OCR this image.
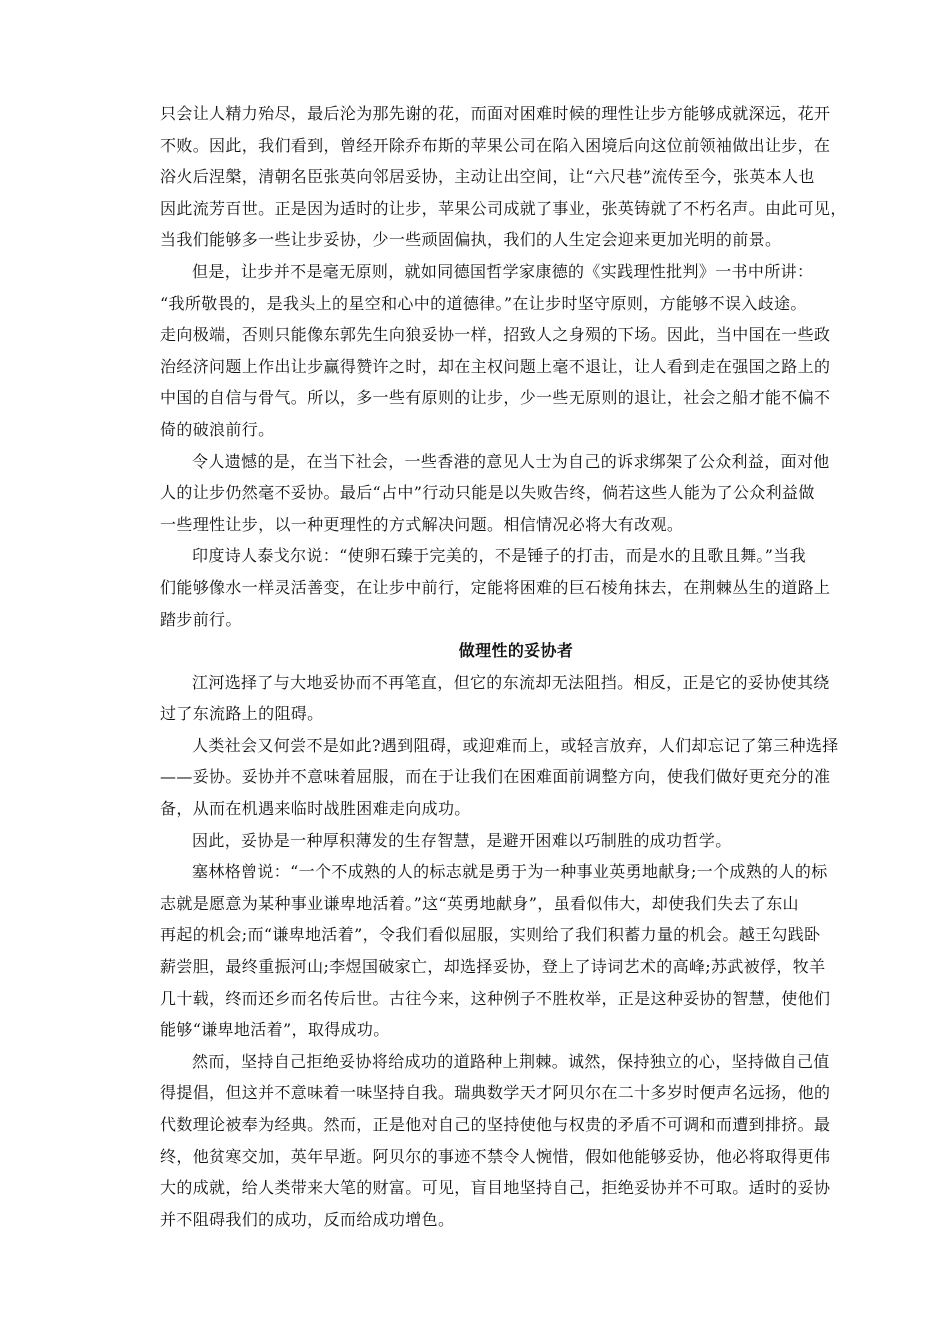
只会让人精力殆尽，最后沦为那先谢的花，而面对困难时候的理性让步方能够成就深远，花开
不败。因此，我们看到，曾经开除乔布斯的苹果公司在陷入困境后向这位前领袖做出让步，在
浴火后涅槃，清朝名臣张英向邻居妥协，主动让出空间，让“六尺巷”流传至今，张英本人也
因此流芳百世。正是因为适时的让步，苹果公司成就了事业，张英铸就了不朽名声。由此可见，
当我们能够多一些让步妥协，少一些顽固偏执，我们的人生定会迎来更加光明的前景。
但是，让步并不是毫无原则，就如同德国哲学家康德的《实践理性批判》一书中所讲：
“我所敬畏的，是我头上的星空和心中的道德律。”在让步时坚守原则，方能够不误入歧途。
走向极端，否则只能像东郭先生向狼妥协一样，招致人之身殒的下场。因此，当中国在一些政
治经济问题上作出让步赢得赞许之时，却在主权问题上毫不退让，让人看到走在强国之路上的
中国的自信与骨气。所以，多一些有原则的让步，少一些无原则的退让，社会之船才能不偏不
倚的破浪前行。
令人遗憾的是，在当下社会，一些香港的意见人士为自己的诉求绑架了公众利益，面对他
人的让步仍然毫不妥协。最后“占中”行动只能是以失败告终，倘若这些人能为了公众利益做
一些理性让步，以一种更理性的方式解决问题。相信情况必将大有改观。
印度诗人泰戈尔说：“使卵石臻于完美的，不是锤子的打击，而是水的且歌且舞。”当我
们能够像水一样灵活善变，在让步中前行，定能将困难的巨石棱角抹去，在荆棘丛生的道路上
踏步前行。
做理性的妥协者
江河选择了与大地妥协而不再笔直，但它的东流却无法阻挡。相反，正是它的妥协使其绕
过了东流路上的阻碍。
人类社会又何尝不是如此?遇到阻碍，或迎难而上，或轻言放弃，人们却忘记了第三种选择
——妥协。妥协并不意味着屈服，而在于让我们在困难面前调整方向，使我们做好更充分的准
备，从而在机遇来临时战胜困难走向成功。
因此，妥协是一种厚积薄发的生存智慧，是避开困难以巧制胜的成功哲学。
塞林格曾说：“一个不成熟的人的标志就是勇于为一种事业英勇地献身;一个成熟的人的标
志就是愿意为某种事业谦卑地活着。”这“英勇地献身”，虽看似伟大，却使我们失去了东山
再起的机会;而“谦卑地活着”，令我们看似屈服，实则给了我们积蓄力量的机会。越王勾践卧
薪尝胆，最终重振河山;李煜国破家亡，却选择妥协，登上了诗词艺术的高峰;苏武被俘，牧羊
几十载，终而还乡而名传后世。古往今来，这种例子不胜枚举，正是这种妥协的智慧，使他们
能够“谦卑地活着”，取得成功。
然而，坚持自己拒绝妥协将给成功的道路种上荆棘。诚然，保持独立的心，坚持做自己值
得提倡，但这并不意味着一味坚持自我。瑞典数学天才阿贝尔在二十多岁时便声名远扬，他的
代数理论被奉为经典。然而，正是他对自己的坚持使他与权贵的矛盾不可调和而遭到排挤。最
终，他贫寒交加，英年早逝。阿贝尔的事迹不禁令人惋惜，假如他能够妥协，他必将取得更伟
大的成就，给人类带来大笔的财富。可见，盲目地坚持自己，拒绝妥协并不可取。适时的妥协
并不阻碍我们的成功，反而给成功增色。
